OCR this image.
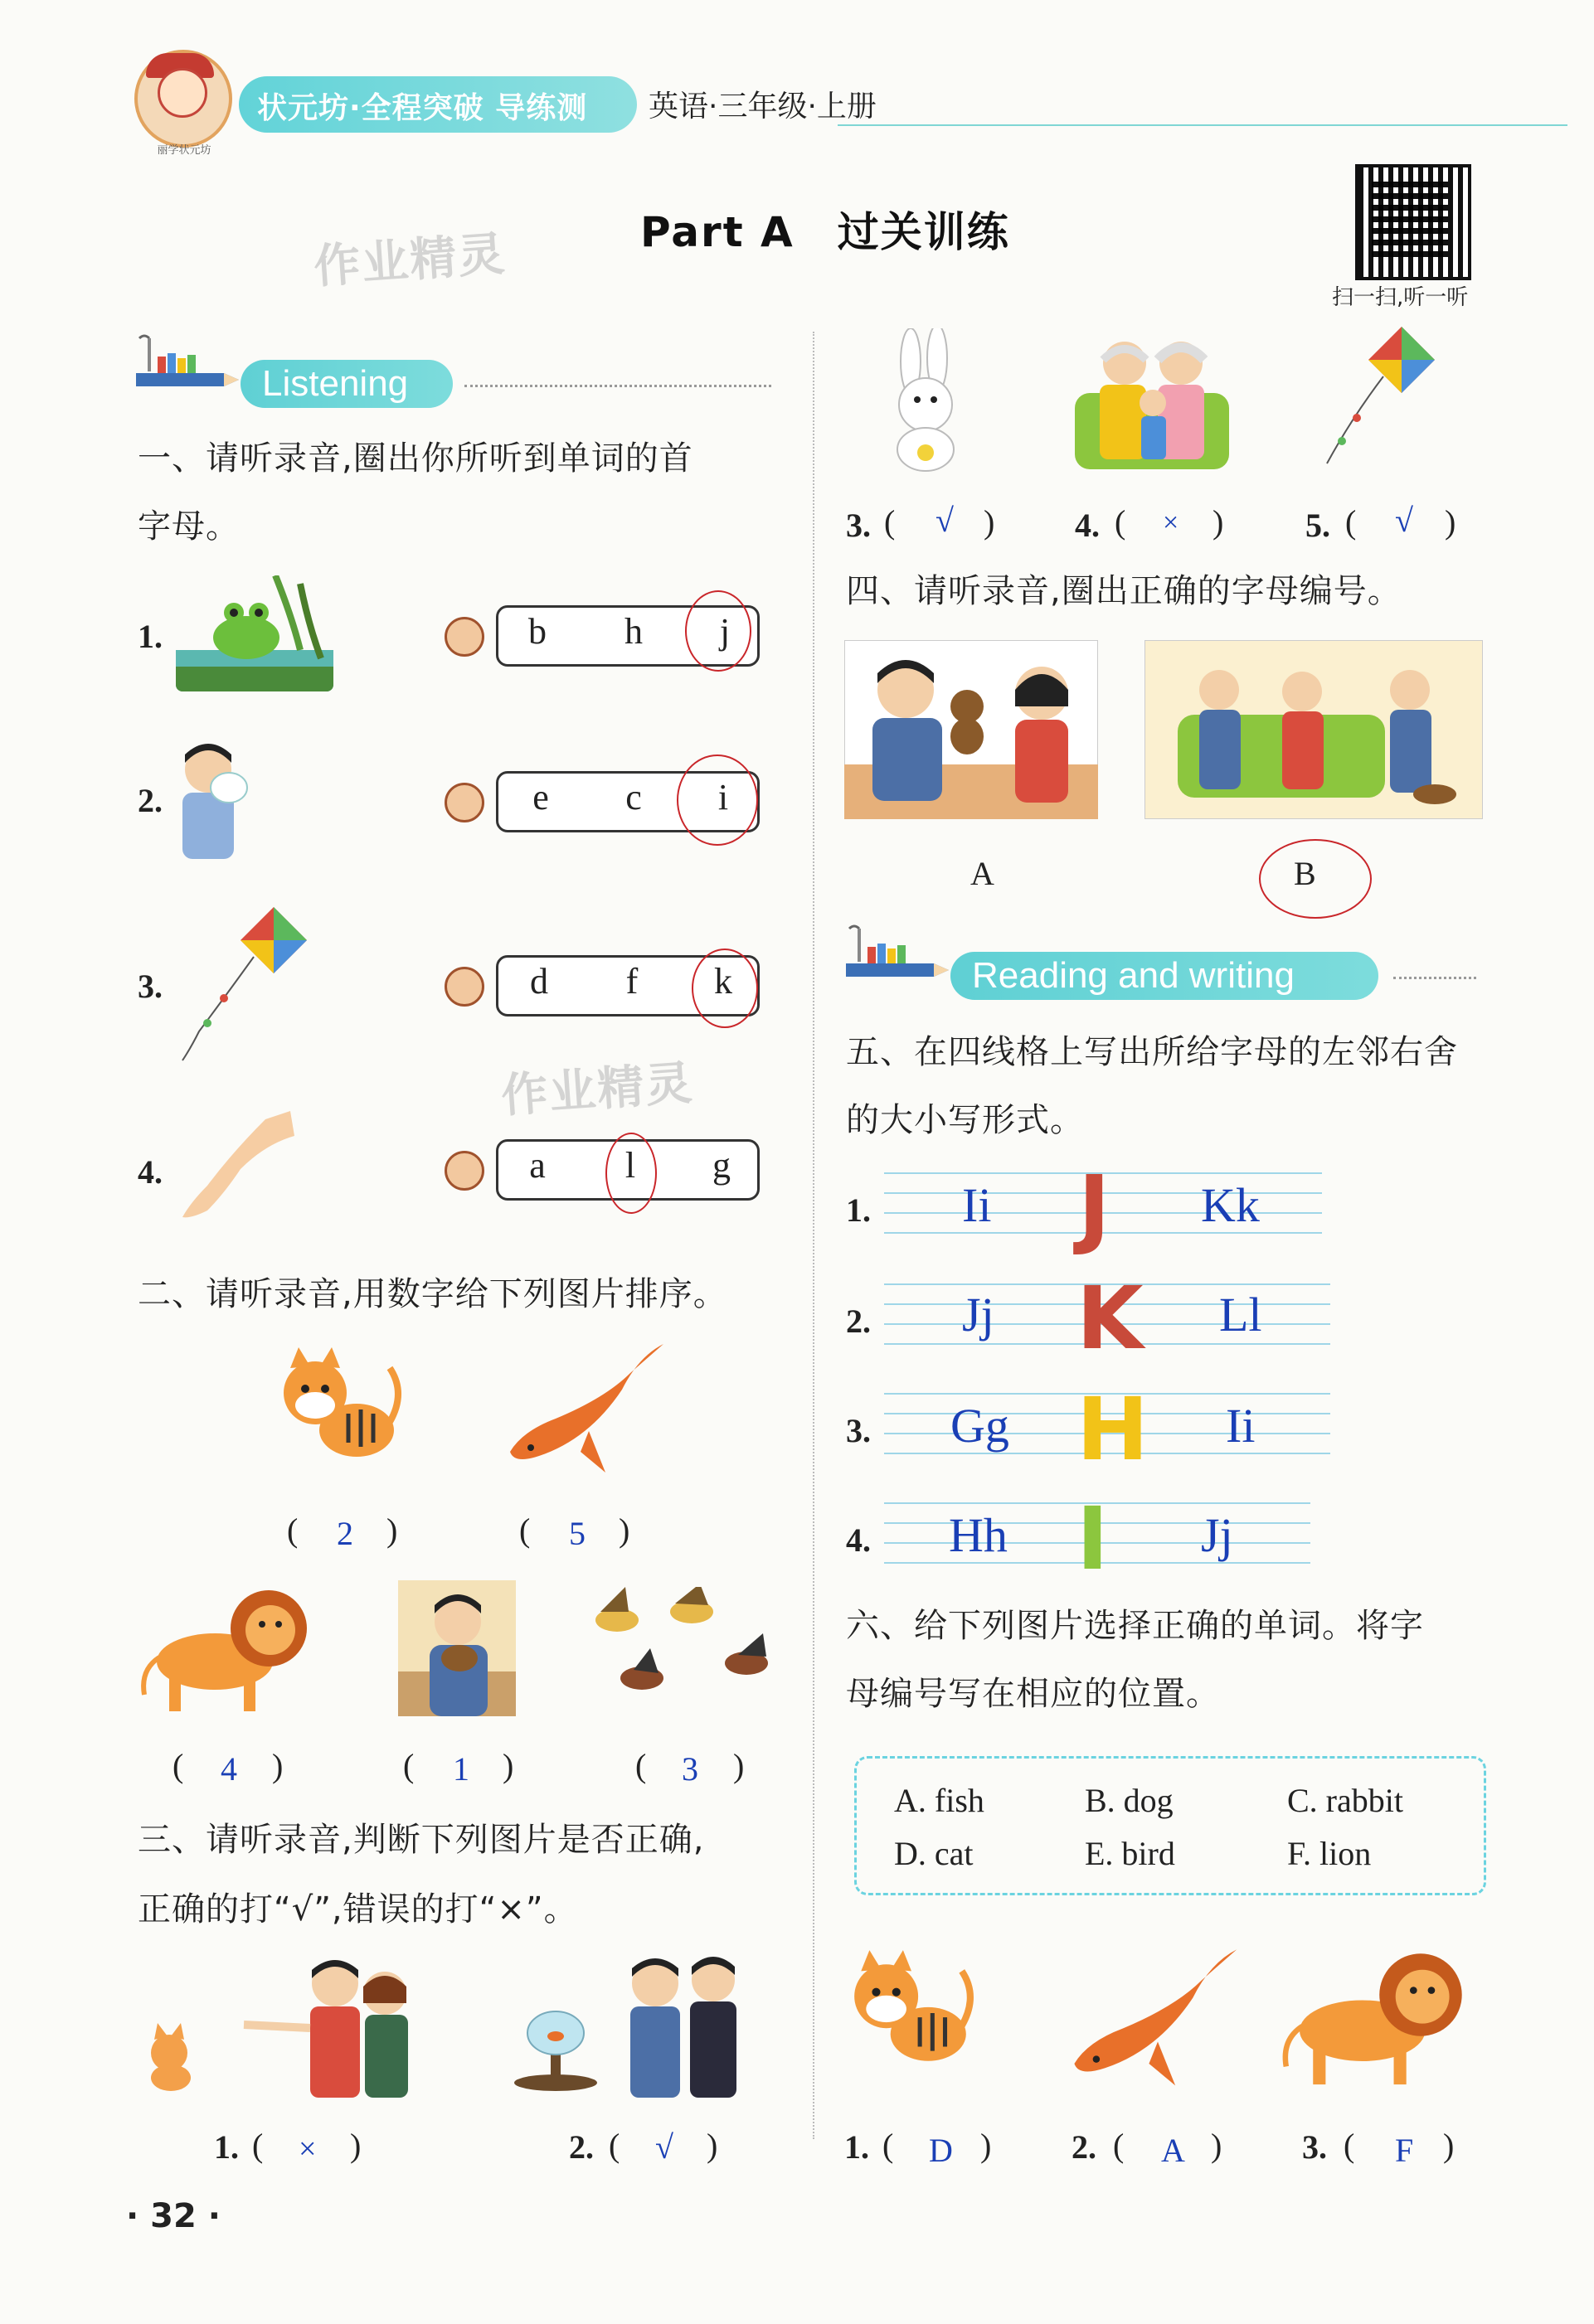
丽学状元坊
状元坊·全程突破 导练测 英语·三年级·上册
作业精灵	Part A　过关训练
扫一扫,听一听
Listening
一、请听录音,圈出你所听到单词的首
字母。
1.	b	h	j
2.	e	c	i
3.	d	f	k
4.	a	l	g
作业精灵
二、请听录音,用数字给下列图片排序。
( 2 )	( 5 )
( 4 )	( 1 )	( 3 )
三、请听录音,判断下列图片是否正确,
正确的打“√”,错误的打“×”。
1. ( × )	2. ( √ )
· 32 ·
3. ( √ ) 4. ( × ) 5. ( √ )
四、请听录音,圈出正确的字母编号。
A	B
Reading and writing
五、在四线格上写出所给字母的左邻右舍
的大小写形式。
1. Ii J Kk
2. Jj K Ll
3. Gg H Ii
4. Hh I Jj
六、给下列图片选择正确的单词。将字
母编号写在相应的位置。
A. fish	B. dog	C. rabbit
D. cat	E. bird	F. lion
1. ( D ) 2. ( A ) 3. ( F )
